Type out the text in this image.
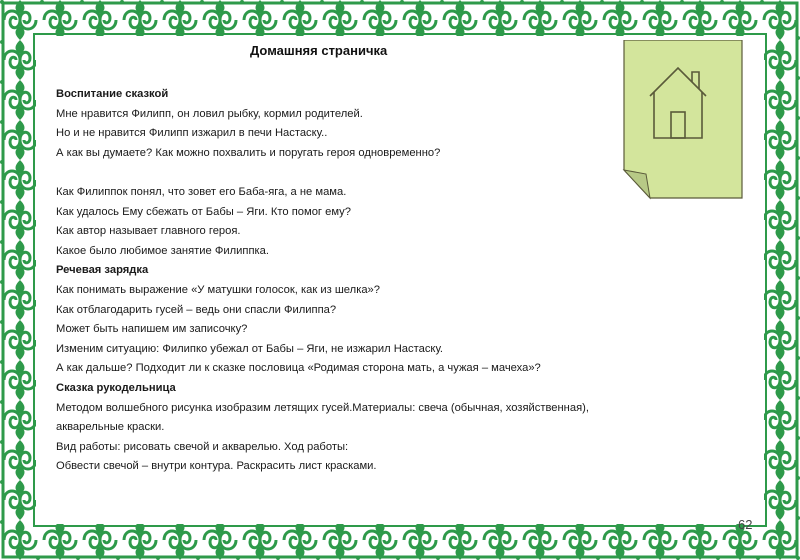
Домашняя страничка
Воспитание сказкой
Мне нравится Филипп, он ловил рыбку, кормил родителей.
Но и не нравится Филипп изжарил в печи Настаску..
А как вы думаете? Как можно похвалить и поругать героя одновременно?
Как Филиппок понял, что зовет его Баба-яга, а не мама.
Как удалось Ему сбежать от Бабы – Яги. Кто помог ему?
Как автор называет главного героя.
Какое было любимое занятие Филиппка.
Речевая зарядка
Как понимать выражение «У матушки голосок, как из шелка»?
Как отблагодарить гусей – ведь они спасли Филиппа?
Может быть напишем им записочку?
Изменим ситуацию: Филипко убежал от Бабы – Яги, не изжарил Настаску.
А как дальше? Подходит ли к сказке пословица «Родимая сторона мать, а чужая – мачеха»?
Сказка рукодельница
Методом волшебного рисунка изобразим летящих гусей.Материалы: свеча (обычная, хозяйственная),
акварельные краски.
Вид работы: рисовать свечой и акварелью. Ход работы:
Обвести свечой – внутри контура. Раскрасить лист красками.
62
